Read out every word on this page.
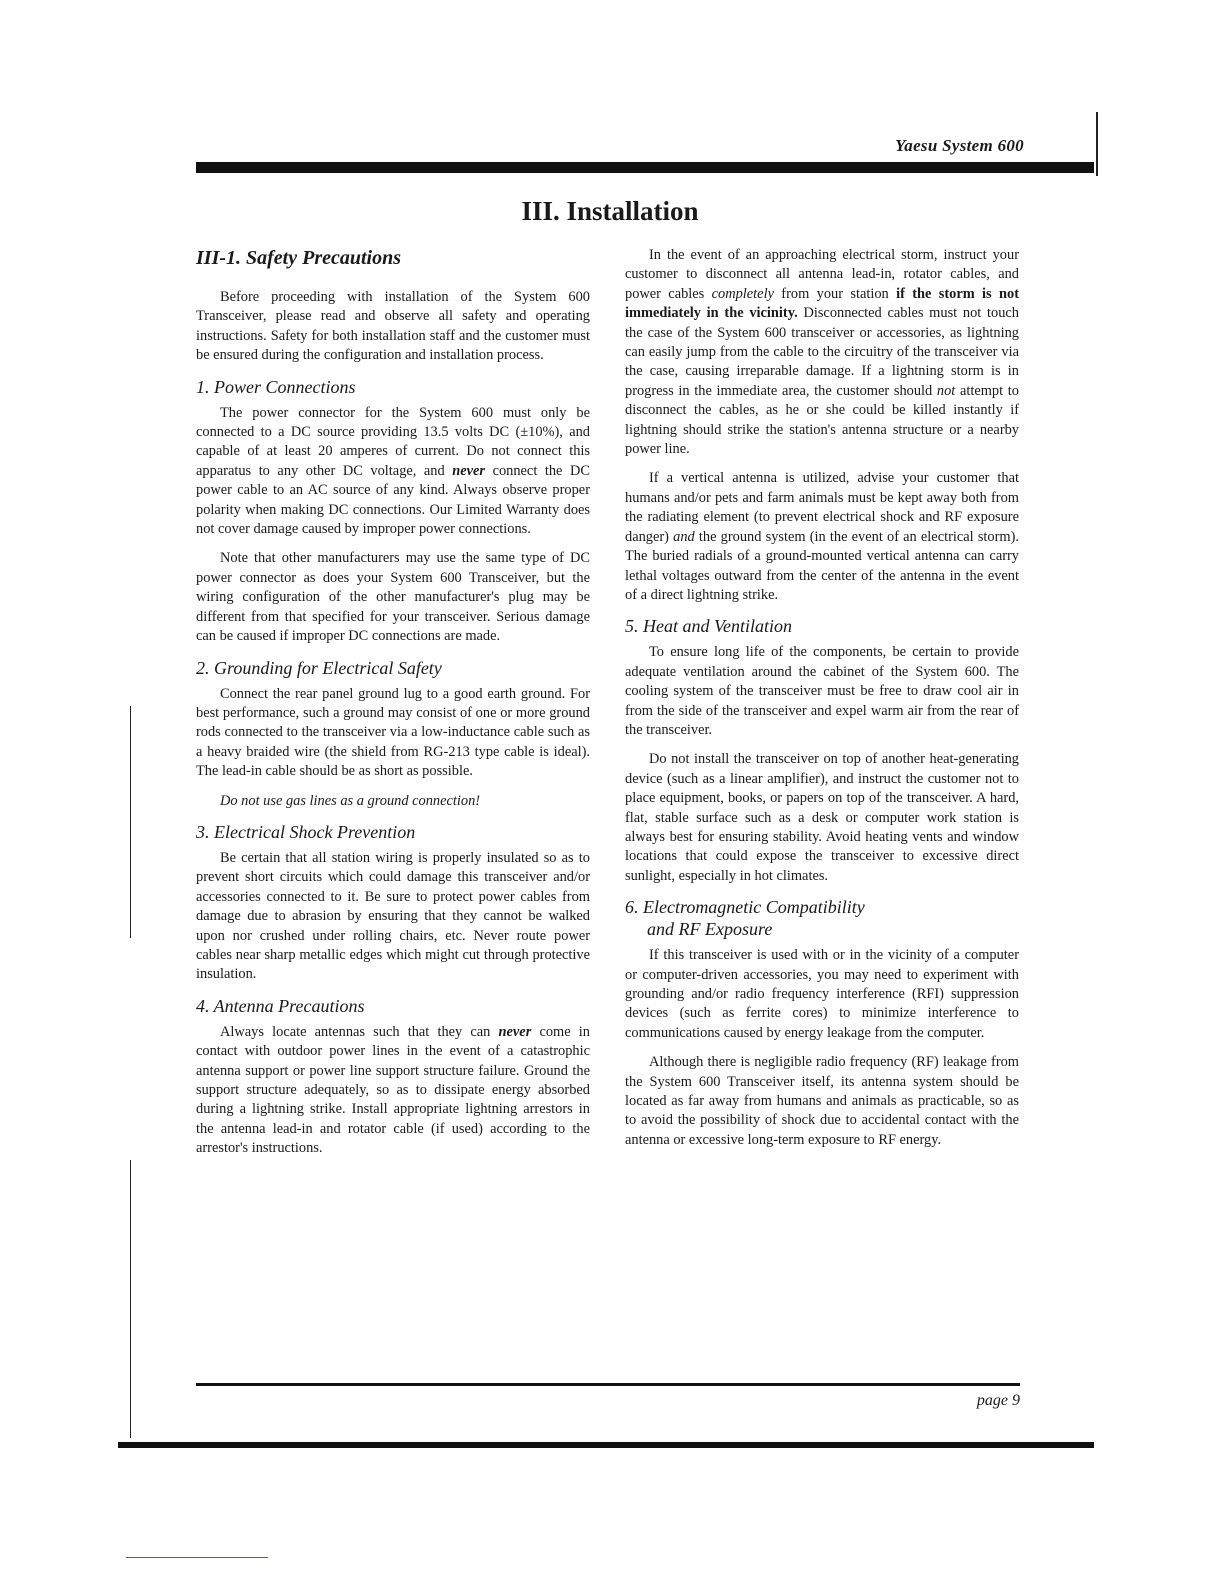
Yaesu System 600
III. Installation
III-1. Safety Precautions

Before proceeding with installation of the System 600 Transceiver, please read and observe all safety and operating instructions. Safety for both installation staff and the customer must be ensured during the configuration and installation process.

1. Power Connections

The power connector for the System 600 must only be connected to a DC source providing 13.5 volts DC (±10%), and capable of at least 20 amperes of current. Do not connect this apparatus to any other DC voltage, and never connect the DC power cable to an AC source of any kind. Always observe proper polarity when making DC connections. Our Limited Warranty does not cover damage caused by improper power connections.

Note that other manufacturers may use the same type of DC power connector as does your System 600 Transceiver, but the wiring configuration of the other manufacturer's plug may be different from that specified for your transceiver. Serious damage can be caused if improper DC connections are made.

2. Grounding for Electrical Safety

Connect the rear panel ground lug to a good earth ground. For best performance, such a ground may consist of one or more ground rods connected to the transceiver via a low-inductance cable such as a heavy braided wire (the shield from RG-213 type cable is ideal). The lead-in cable should be as short as possible.

Do not use gas lines as a ground connection!
3. Electrical Shock Prevention

Be certain that all station wiring is properly insulated so as to prevent short circuits which could damage this transceiver and/or accessories connected to it. Be sure to protect power cables from damage due to abrasion by ensuring that they cannot be walked upon nor crushed under rolling chairs, etc. Never route power cables near sharp metallic edges which might cut through protective insulation.

4. Antenna Precautions

Always locate antennas such that they can never come in contact with outdoor power lines in the event of a catastrophic antenna support or power line support structure failure. Ground the support structure adequately, so as to dissipate energy absorbed during a lightning strike. Install appropriate lightning arrestors in the antenna lead-in and rotator cable (if used) according to the arrestor's instructions.

In the event of an approaching electrical storm, instruct your customer to disconnect all antenna lead-in, rotator cables, and power cables completely from your station if the storm is not immediately in the vicinity. Disconnected cables must not touch the case of the System 600 transceiver or accessories, as lightning can easily jump from the cable to the circuitry of the transceiver via the case, causing irreparable damage. If a lightning storm is in progress in the immediate area, the customer should not attempt to disconnect the cables, as he or she could be killed instantly if lightning should strike the station's antenna structure or a nearby power line.

If a vertical antenna is utilized, advise your customer that humans and/or pets and farm animals must be kept away both from the radiating element (to prevent electrical shock and RF exposure danger) and the ground system (in the event of an electrical storm). The buried radials of a ground-mounted vertical antenna can carry lethal voltages outward from the center of the antenna in the event of a direct lightning strike.

5. Heat and Ventilation

To ensure long life of the components, be certain to provide adequate ventilation around the cabinet of the System 600. The cooling system of the transceiver must be free to draw cool air in from the side of the transceiver and expel warm air from the rear of the transceiver.

Do not install the transceiver on top of another heat-generating device (such as a linear amplifier), and instruct the customer not to place equipment, books, or papers on top of the transceiver. A hard, flat, stable surface such as a desk or computer work station is always best for ensuring stability. Avoid heating vents and window locations that could expose the transceiver to excessive direct sunlight, especially in hot climates.

6. Electromagnetic Compatibility
and RF Exposure

If this transceiver is used with or in the vicinity of a computer or computer-driven accessories, you may need to experiment with grounding and/or radio frequency interference (RFI) suppression devices (such as ferrite cores) to minimize interference to communications caused by energy leakage from the computer.

Although there is negligible radio frequency (RF) leakage from the System 600 Transceiver itself, its antenna system should be located as far away from humans and animals as practicable, so as to avoid the possibility of shock due to accidental contact with the antenna or excessive long-term exposure to RF energy.

page 9
